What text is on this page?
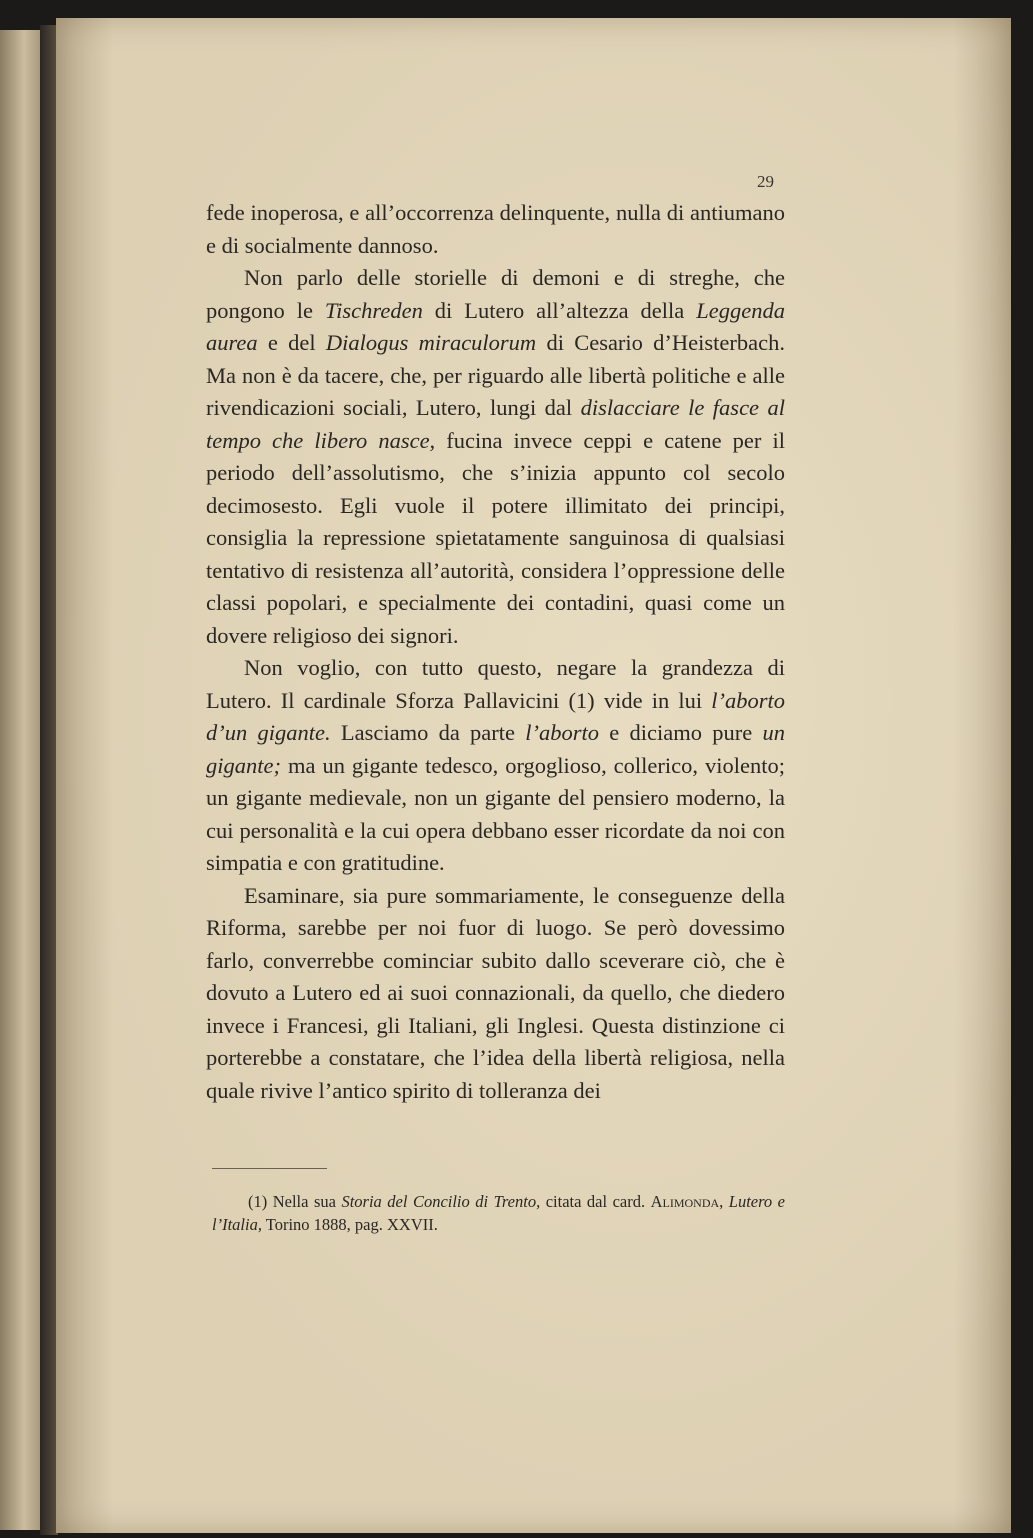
29

fede inoperosa, e all’occorrenza delinquente, nulla di antiumano e di socialmente dannoso.

Non parlo delle storielle di demoni e di streghe, che pongono le Tischreden di Lutero all’altezza della Leggenda aurea e del Dialogus miraculorum di Cesario d’Heisterbach. Ma non è da tacere, che, per riguardo alle libertà politiche e alle rivendicazioni sociali, Lutero, lungi dal dislacciare le fasce al tempo che libero nasce, fucina invece ceppi e catene per il periodo dell’assolutismo, che s’inizia appunto col secolo decimosesto. Egli vuole il potere illimitato dei principi, consiglia la repressione spietatamente sanguinosa di qualsiasi tentativo di resistenza all’autorità, considera l’oppressione delle classi popolari, e specialmente dei contadini, quasi come un dovere religioso dei signori.

Non voglio, con tutto questo, negare la grandezza di Lutero. Il cardinale Sforza Pallavicini (1) vide in lui l’aborto d’un gigante. Lasciamo da parte l’aborto e diciamo pure un gigante; ma un gigante tedesco, orgoglioso, collerico, violento; un gigante medievale, non un gigante del pensiero moderno, la cui personalità e la cui opera debbano esser ricordate da noi con simpatia e con gratitudine.

Esaminare, sia pure sommariamente, le conseguenze della Riforma, sarebbe per noi fuor di luogo. Se però dovessimo farlo, converrebbe cominciar subito dallo sceverare ciò, che è dovuto a Lutero ed ai suoi connazionali, da quello, che diedero invece i Francesi, gli Italiani, gli Inglesi. Questa distinzione ci porterebbe a constatare, che l’idea della libertà religiosa, nella quale rivive l’antico spirito di tolleranza dei

(1) Nella sua Storia del Concilio di Trento, citata dal card. Alimonda, Lutero e l’Italia, Torino 1888, pag. XXVII.
